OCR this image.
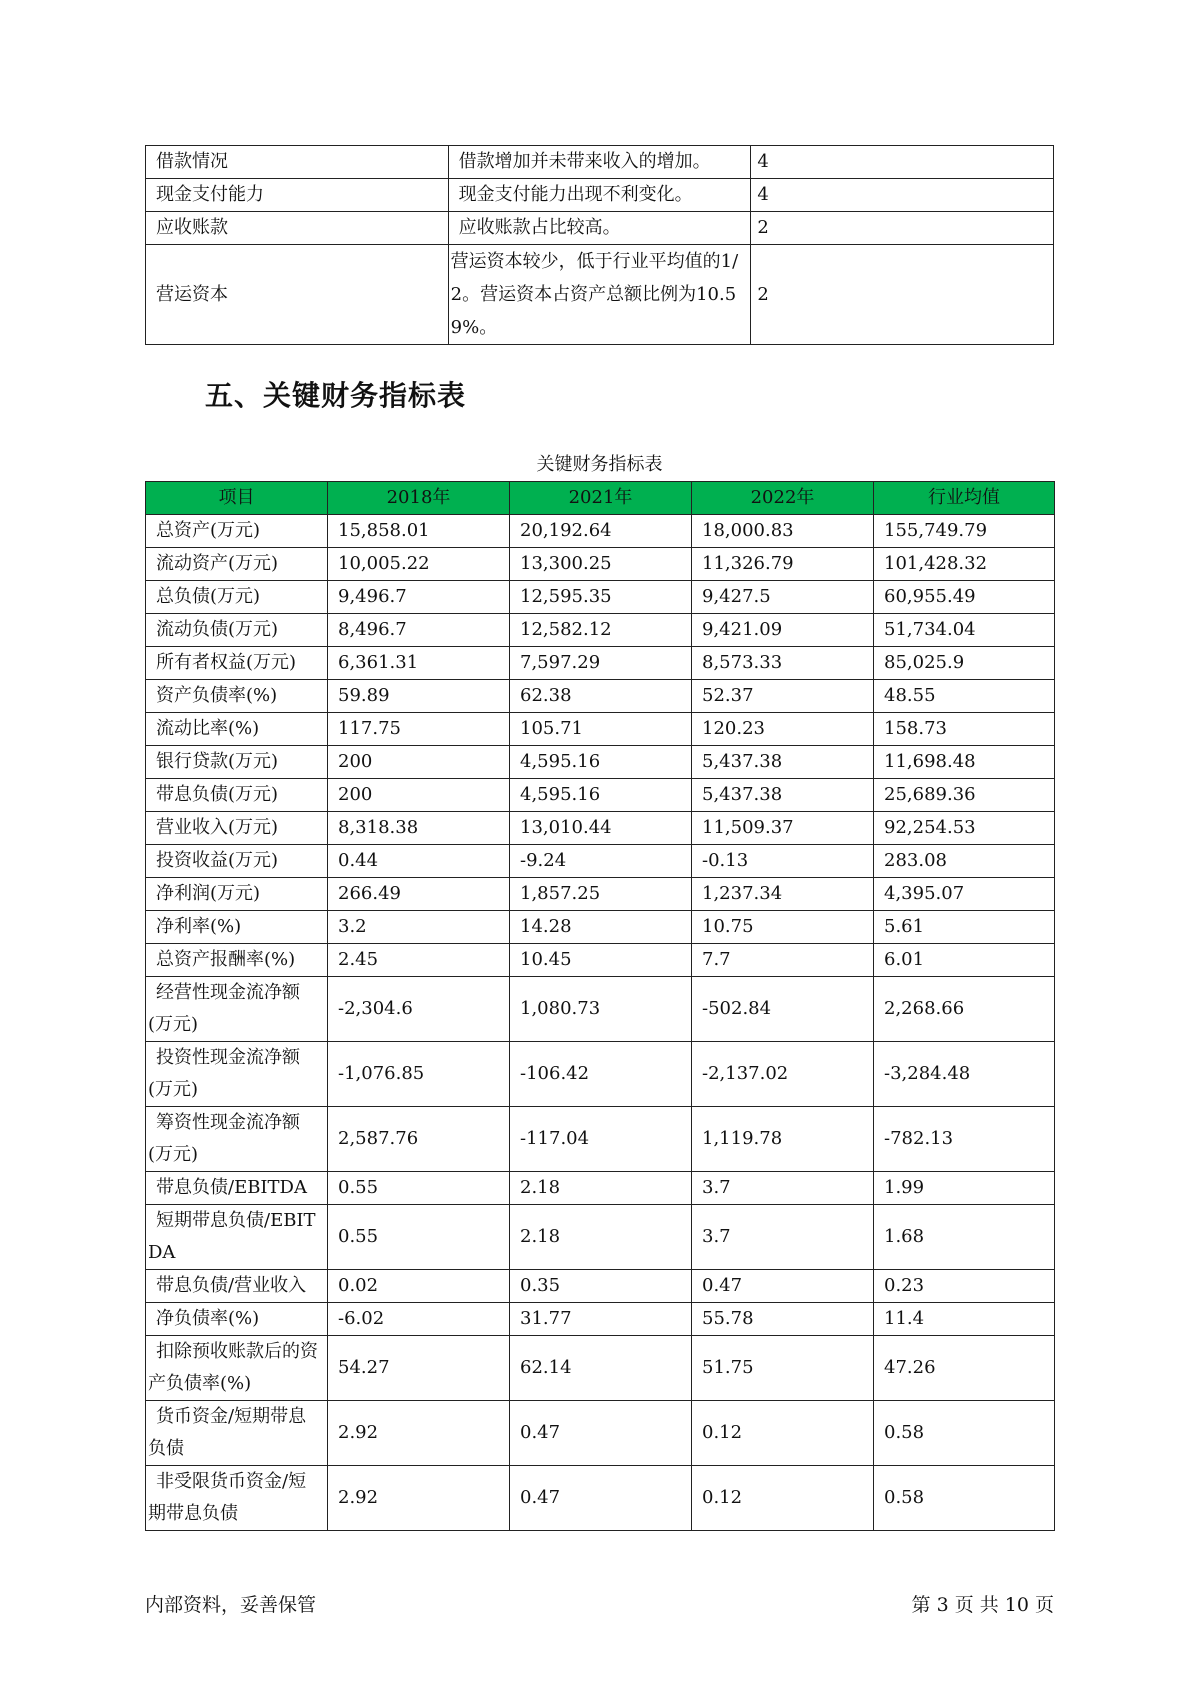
借款情况	借款增加并未带来收入的增加。	4
现金支付能力	现金支付能力出现不利变化。	4
应收账款	应收账款占比较高。	2
营运资本	营运资本较少，低于行业平均值的1/2。营运资本占资产总额比例为10.59%。	2
五、关键财务指标表
关键财务指标表
项目	2018年	2021年	2022年	行业均值
总资产(万元)	15,858.01	20,192.64	18,000.83	155,749.79
流动资产(万元)	10,005.22	13,300.25	11,326.79	101,428.32
总负债(万元)	9,496.7	12,595.35	9,427.5	60,955.49
流动负债(万元)	8,496.7	12,582.12	9,421.09	51,734.04
所有者权益(万元)	6,361.31	7,597.29	8,573.33	85,025.9
资产负债率(%)	59.89	62.38	52.37	48.55
流动比率(%)	117.75	105.71	120.23	158.73
银行贷款(万元)	200	4,595.16	5,437.38	11,698.48
带息负债(万元)	200	4,595.16	5,437.38	25,689.36
营业收入(万元)	8,318.38	13,010.44	11,509.37	92,254.53
投资收益(万元)	0.44	-9.24	-0.13	283.08
净利润(万元)	266.49	1,857.25	1,237.34	4,395.07
净利率(%)	3.2	14.28	10.75	5.61
总资产报酬率(%)	2.45	10.45	7.7	6.01
经营性现金流净额(万元)	-2,304.6	1,080.73	-502.84	2,268.66
投资性现金流净额(万元)	-1,076.85	-106.42	-2,137.02	-3,284.48
筹资性现金流净额(万元)	2,587.76	-117.04	1,119.78	-782.13
带息负债/EBITDA	0.55	2.18	3.7	1.99
短期带息负债/EBITDA	0.55	2.18	3.7	1.68
带息负债/营业收入	0.02	0.35	0.47	0.23
净负债率(%)	-6.02	31.77	55.78	11.4
扣除预收账款后的资产负债率(%)	54.27	62.14	51.75	47.26
货币资金/短期带息负债	2.92	0.47	0.12	0.58
非受限货币资金/短期带息负债	2.92	0.47	0.12	0.58
内部资料，妥善保管	第 3 页 共 10 页
